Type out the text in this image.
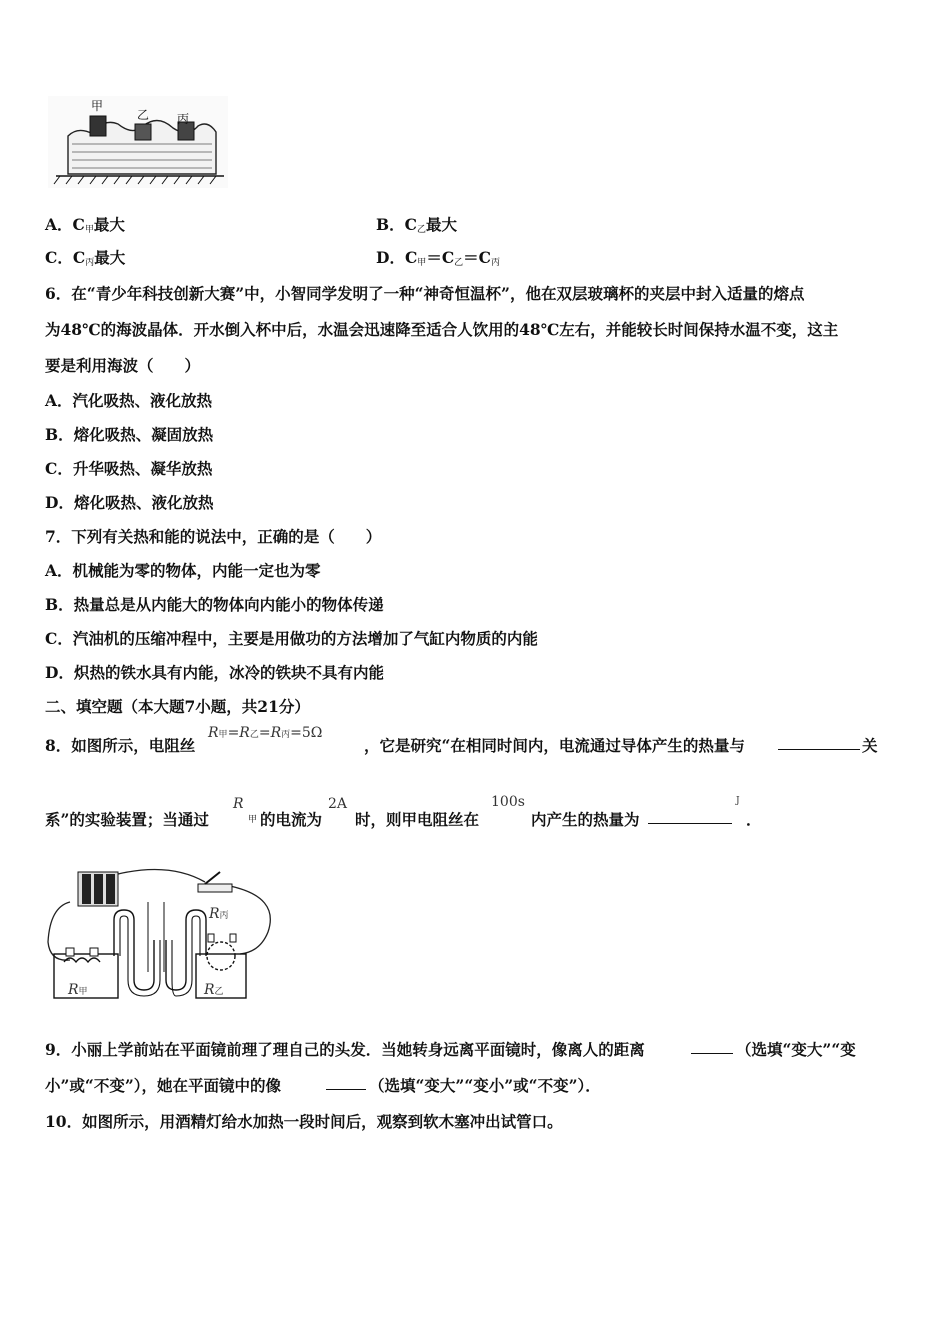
甲
乙 丙
A．$C_甲$最大	B．$C_乙$最大
C．$C_丙$最大	D．$C_甲=C_乙=C_丙$
6．在“青少年科技创新大赛”中，小智同学发明了一种“神奇恒温杯”，他在双层玻璃杯的夹层中封入适量的熔点
为48℃的海波晶体．开水倒入杯中后，水温会迅速降至适合人饮用的48℃左右，并能较长时间保持水温不变，这主
要是利用海波（　　）
A．汽化吸热、液化放热
B．熔化吸热、凝固放热
C．升华吸热、凝华放热
D．熔化吸热、液化放热
7．下列有关热和能的说法中，正确的是（　　）
A．机械能为零的物体，内能一定也为零
B．热量总是从内能大的物体向内能小的物体传递
C．汽油机的压缩冲程中，主要是用做功的方法增加了气缸内物质的内能
D．炽热的铁水具有内能，冰冷的铁块不具有内能
二、填空题（本大题7小题，共21分）
8．如图所示，电阻丝
R甲=R乙=R丙=5Ω
，它是研究“在相同时间内，电流通过导体产生的热量与	关
系”的实验装置；当通过
R
甲 的电流为
2A
时，则甲电阻丝在
100s
内产生的热量为
J
．
R丙
R甲	R乙
9．小丽上学前站在平面镜前理了理自己的头发．当她转身远离平面镜时，像离人的距离	（选填“变大”“变
小”或“不变”），她在平面镜中的像	（选填“变大”“变小”或“不变”）．
10．如图所示，用酒精灯给水加热一段时间后，观察到软木塞冲出试管口。
